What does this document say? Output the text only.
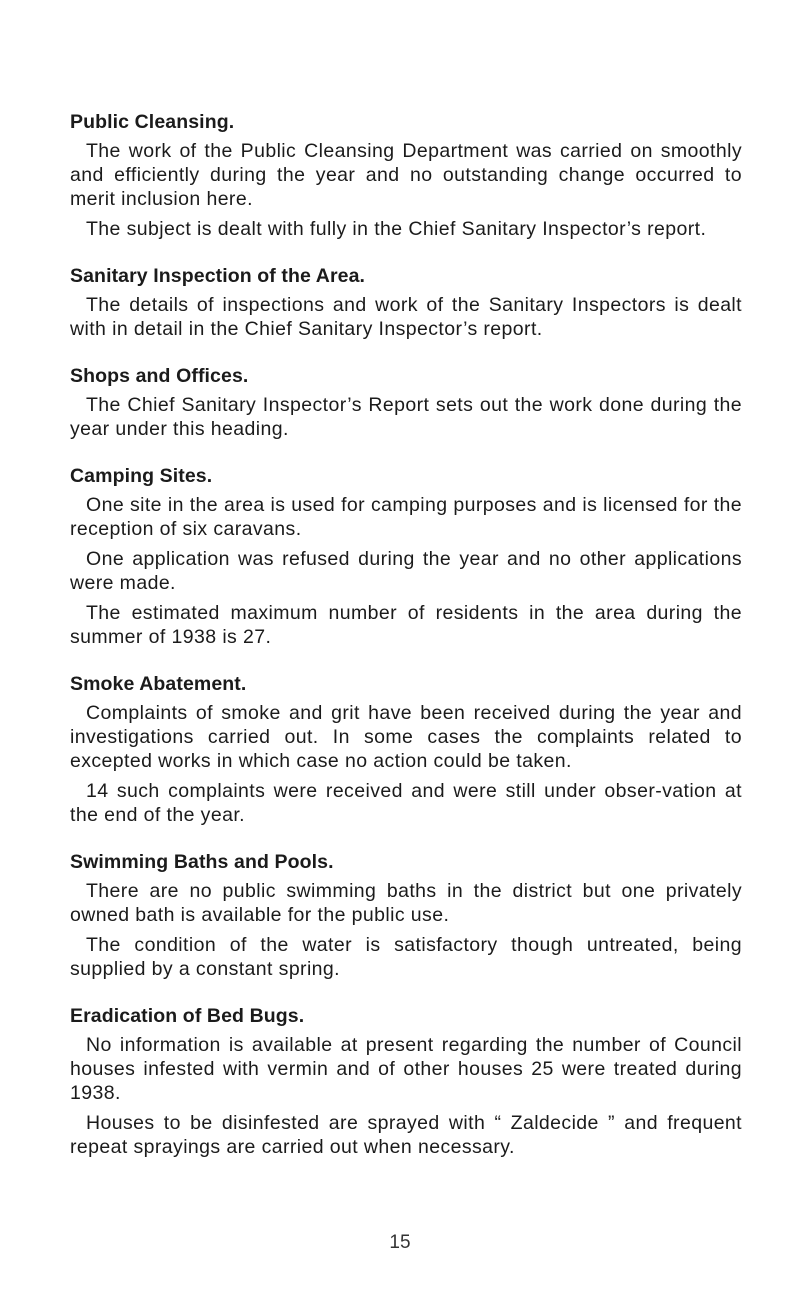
Public Cleansing.

The work of the Public Cleansing Department was carried on smoothly and efficiently during the year and no outstanding change occurred to merit inclusion here.

The subject is dealt with fully in the Chief Sanitary Inspector’s report.

Sanitary Inspection of the Area.

The details of inspections and work of the Sanitary Inspectors is dealt with in detail in the Chief Sanitary Inspector’s report.

Shops and Offices.

The Chief Sanitary Inspector’s Report sets out the work done during the year under this heading.

Camping Sites.

One site in the area is used for camping purposes and is licensed for the reception of six caravans.

One application was refused during the year and no other applications were made.

The estimated maximum number of residents in the area during the summer of 1938 is 27.

Smoke Abatement.

Complaints of smoke and grit have been received during the year and investigations carried out. In some cases the complaints related to excepted works in which case no action could be taken.

14 such complaints were received and were still under obser-vation at the end of the year.

Swimming Baths and Pools.

There are no public swimming baths in the district but one privately owned bath is available for the public use.

The condition of the water is satisfactory though untreated, being supplied by a constant spring.

Eradication of Bed Bugs.

No information is available at present regarding the number of Council houses infested with vermin and of other houses 25 were treated during 1938.

Houses to be disinfested are sprayed with “ Zaldecide ” and frequent repeat sprayings are carried out when necessary.

15
